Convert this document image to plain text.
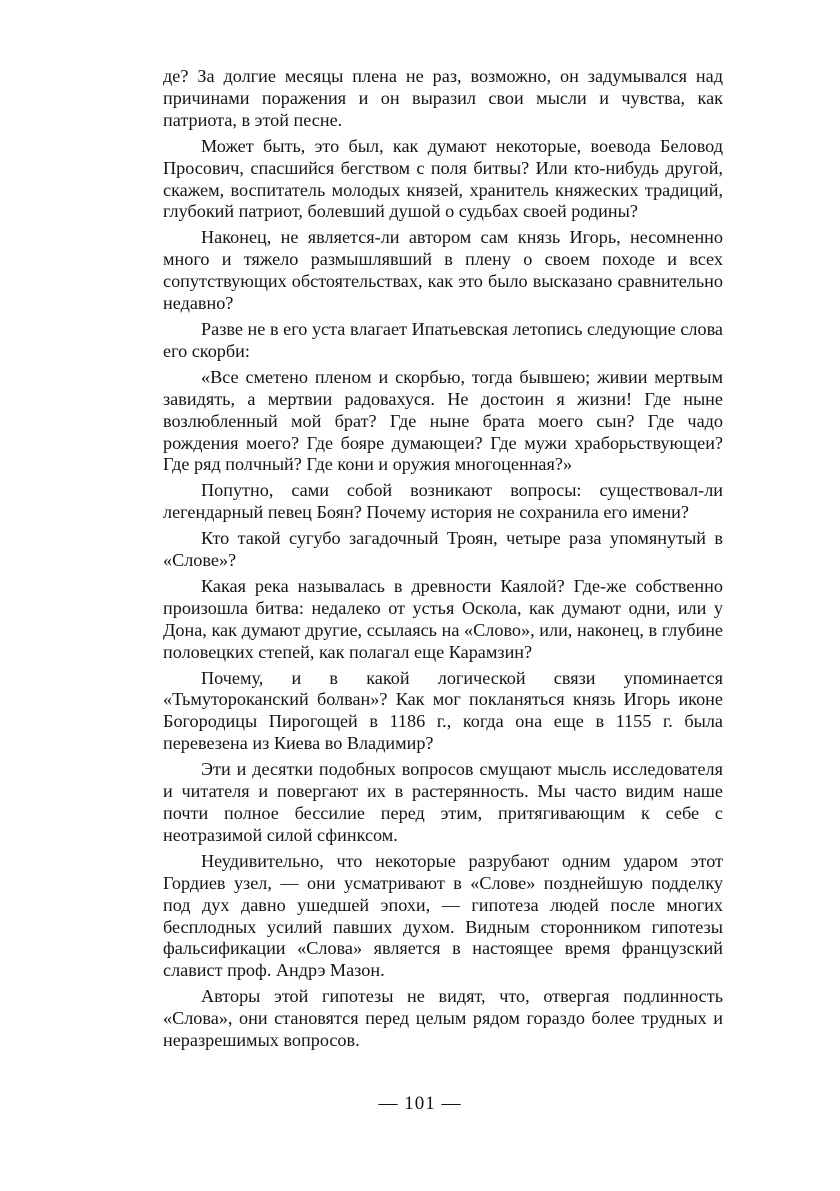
де? За долгие месяцы плена не раз, возможно, он задумывался над причинами поражения и он выразил свои мысли и чувства, как патриота, в этой песне.

Может быть, это был, как думают некоторые, воевода Беловод Просович, спасшийся бегством с поля битвы? Или кто-нибудь другой, скажем, воспитатель молодых князей, хранитель княжеских традиций, глубокий патриот, болевший душой о судьбах своей родины?

Наконец, не является-ли автором сам князь Игорь, несомненно много и тяжело размышлявший в плену о своем походе и всех сопутствующих обстоятельствах, как это было высказано сравнительно недавно?

Разве не в его уста влагает Ипатьевская летопись следующие слова его скорби:

«Все сметено пленом и скорбью, тогда бывшею; живии мертвым завидять, а мертвии радовахуся. Не достоин я жизни! Где ныне возлюбленный мой брат? Где ныне брата моего сын? Где чадо рождения моего? Где бояре думающеи? Где мужи храборьствующеи? Где ряд полчный? Где кони и оружия многоценная?»

Попутно, сами собой возникают вопросы: существовал-ли легендарный певец Боян? Почему история не сохранила его имени?

Кто такой сугубо загадочный Троян, четыре раза упомянутый в «Слове»?

Какая река называлась в древности Каялой? Где-же собственно произошла битва: недалеко от устья Оскола, как думают одни, или у Дона, как думают другие, ссылаясь на «Слово», или, наконец, в глубине половецких степей, как полагал еще Карамзин?

Почему, и в какой логической связи упоминается «Тьмутороканский болван»? Как мог покланяться князь Игорь иконе Богородицы Пирогощей в 1186 г., когда она еще в 1155 г. была перевезена из Киева во Владимир?

Эти и десятки подобных вопросов смущают мысль исследователя и читателя и повергают их в растерянность. Мы часто видим наше почти полное бессилие перед этим, притягивающим к себе с неотразимой силой сфинксом.

Неудивительно, что некоторые разрубают одним ударом этот Гордиев узел, — они усматривают в «Слове» позднейшую подделку под дух давно ушедшей эпохи, — гипотеза людей после многих бесплодных усилий павших духом. Видным сторонником гипотезы фальсификации «Слова» является в настоящее время французский славист проф. Андрэ Мазон.

Авторы этой гипотезы не видят, что, отвергая подлинность «Слова», они становятся перед целым рядом гораздо более трудных и неразрешимых вопросов.

— 101 —
